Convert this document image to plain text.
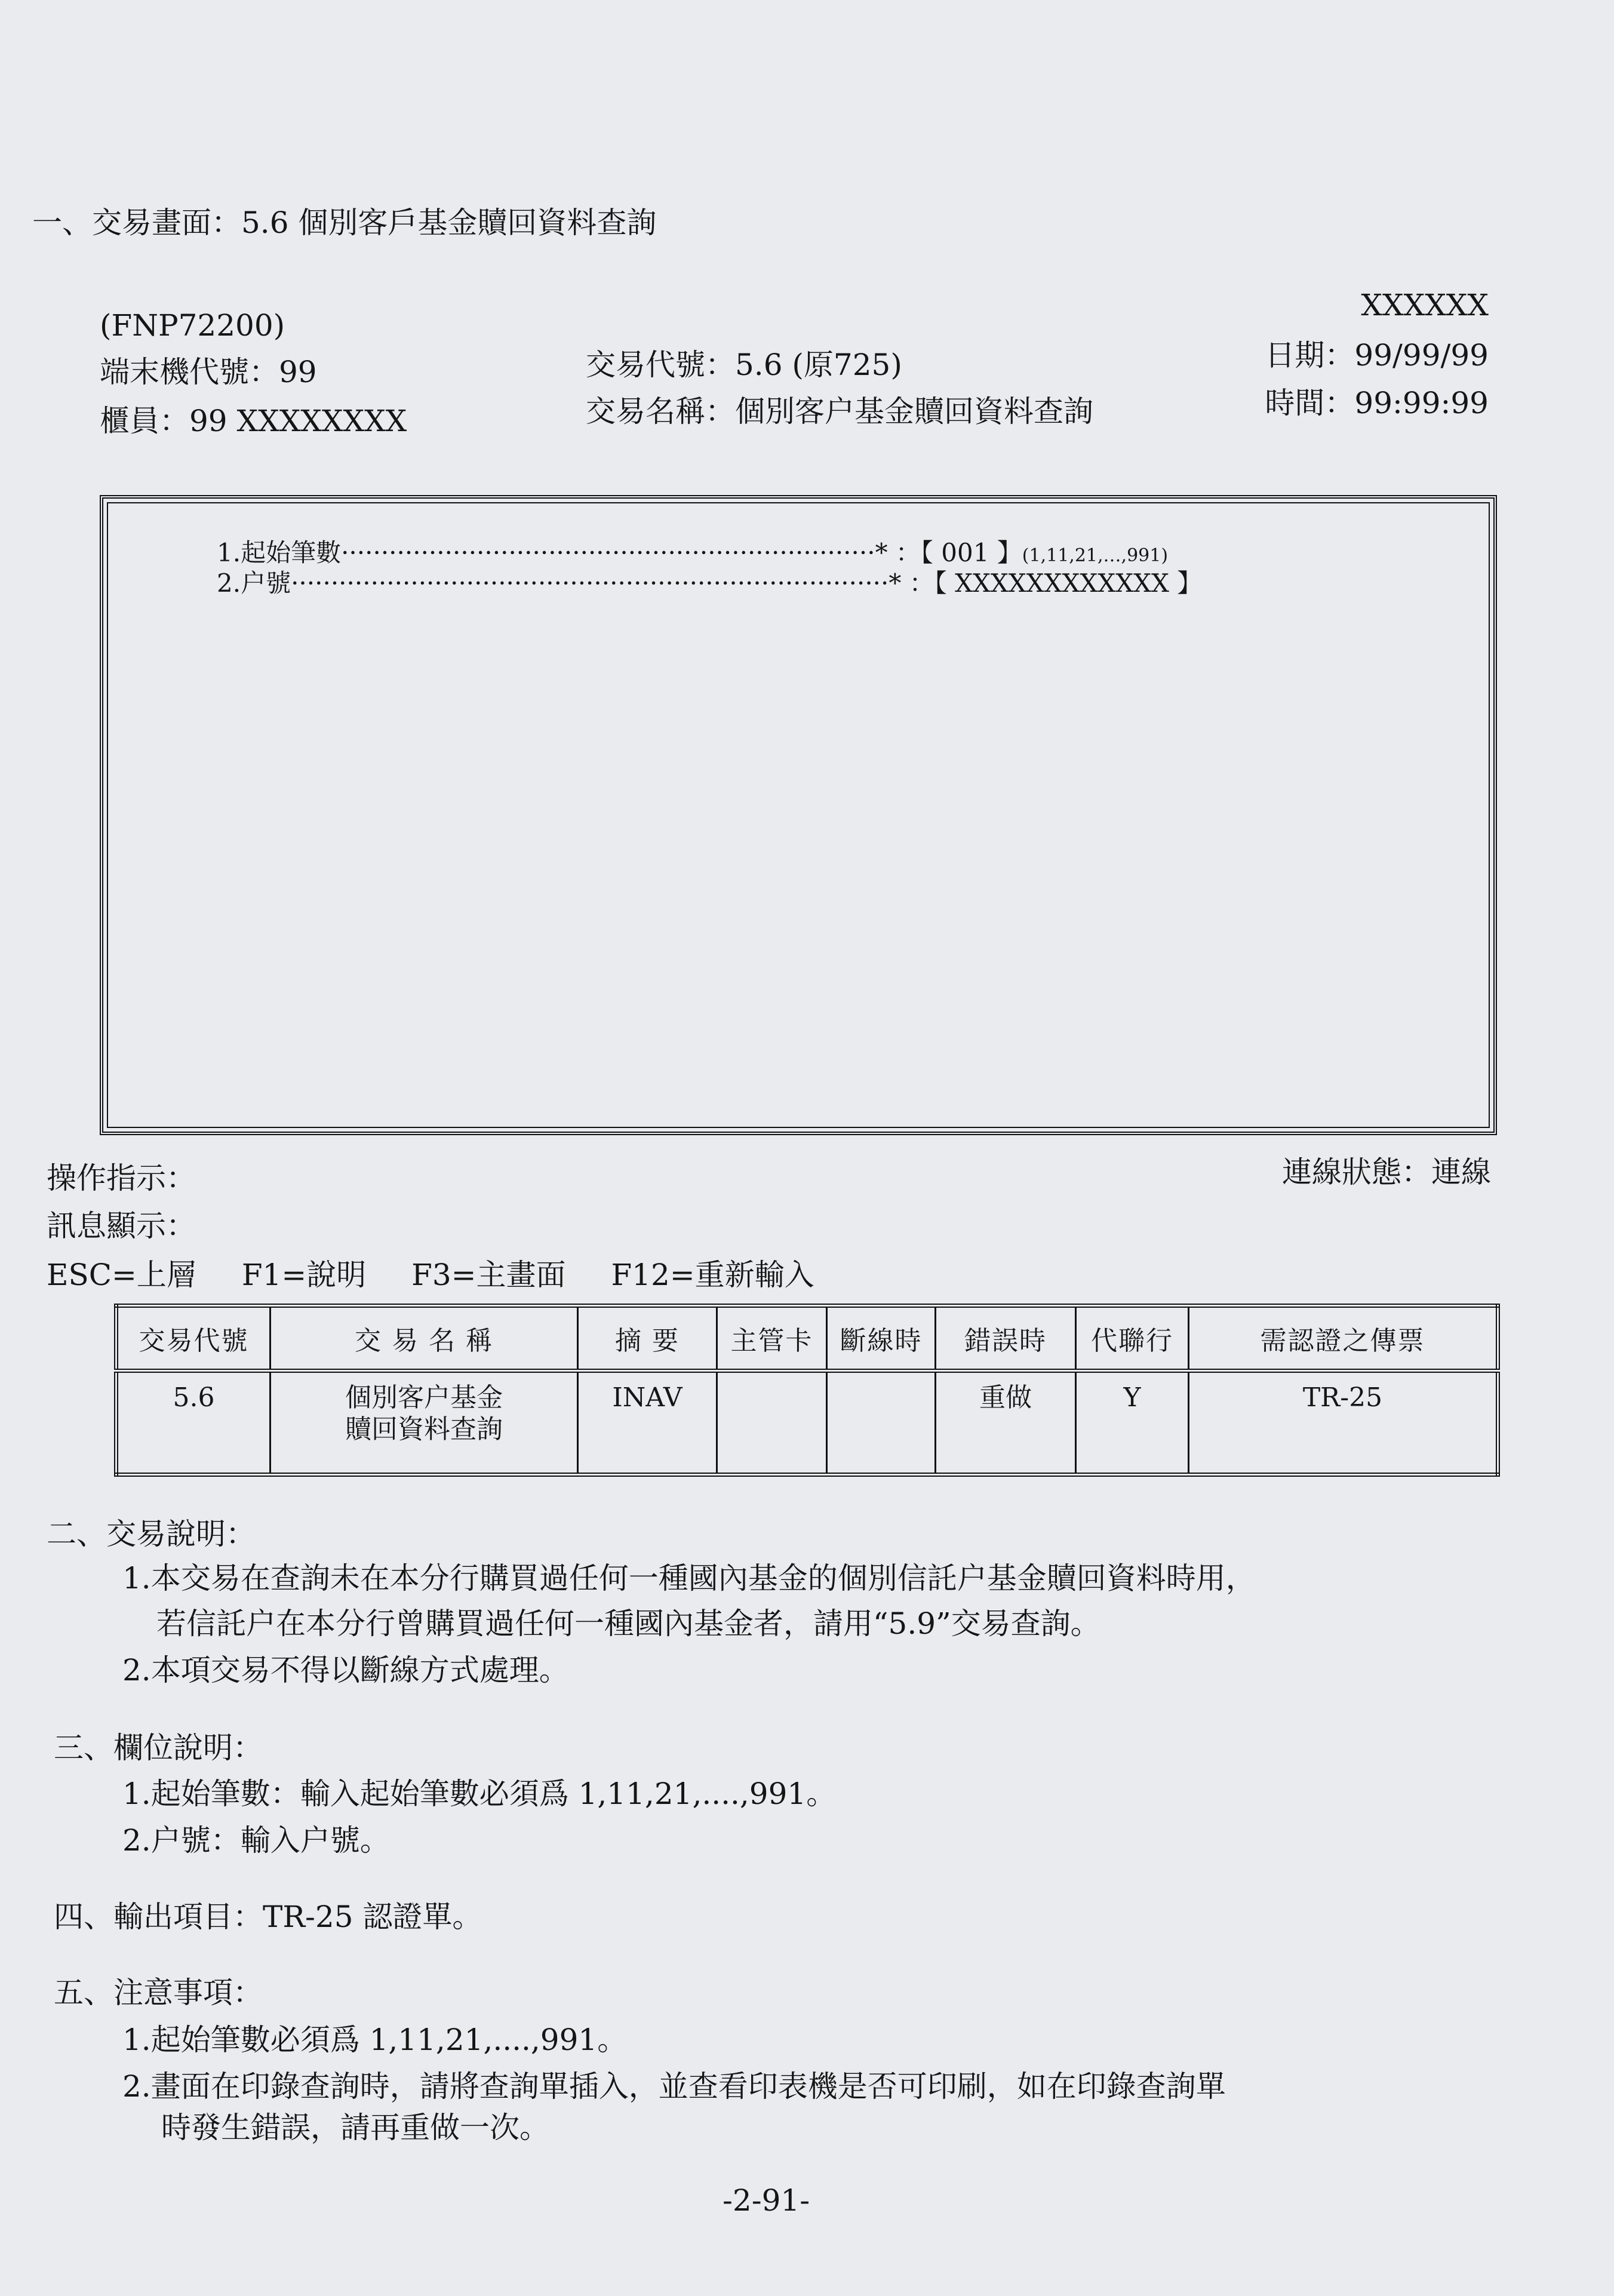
一、交易畫面：5.6 個別客戶基金贖回資料查詢
(FNP72200)
XXXXXX
端末機代號：99
櫃員：99 XXXXXXXX
交易代號：5.6 (原725)
交易名稱：個別客户基金贖回資料查詢
日期：99/99/99
時間：99:99:99
1.起始筆數···································································* ：【 001 】(1,11,21,…,991)
2.户號···········································································* ：【 XXXXXXXXXXXX 】
操作指示：	連線狀態：連線
訊息顯示：
ESC=上層 F1=說明 F3=主畫面 F12=重新輸入
交易代號	交 易 名 稱	摘 要	主管卡	斷線時	錯誤時	代聯行	需認證之傳票
5.6	個別客户基金
贖回資料查詢	INAV			重做	Y	TR-25
二、交易說明：
1.本交易在查詢未在本分行購買過任何一種國內基金的個別信託户基金贖回資料時用，
若信託户在本分行曾購買過任何一種國內基金者，請用“5.9”交易查詢。
2.本項交易不得以斷線方式處理。
三、欄位說明：
1.起始筆數：輸入起始筆數必須爲 1,11,21,....,991。
2.户號：輸入户號。
四、輸出項目：TR-25 認證單。
五、注意事項：
1.起始筆數必須爲 1,11,21,....,991。
2.畫面在印錄查詢時，請將查詢單插入，並查看印表機是否可印刷，如在印錄查詢單
時發生錯誤，請再重做一次。
-2-91-
